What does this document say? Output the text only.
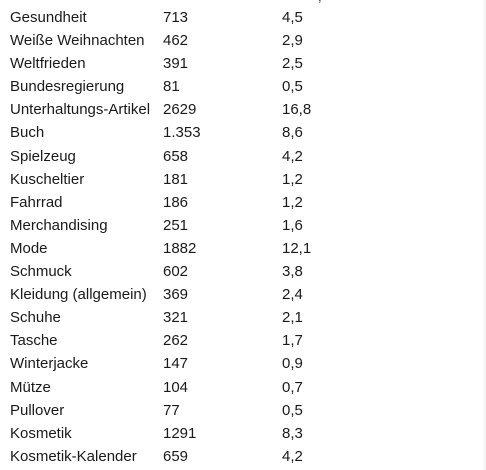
Gesundheit	713	4,5
Weiße Weihnachten 462	2,9
Weltfrieden	391	2,5
Bundesregierung	81	0,5
Unterhaltungs-Artikel 2629	16,8
Buch	1.353	8,6
Spielzeug	658	4,2
Kuscheltier	181	1,2
Fahrrad	186	1,2
Merchandising	251	1,6
Mode	1882	12,1
Schmuck	602	3,8
Kleidung (allgemein) 369	2,4
Schuhe	321	2,1
Tasche	262	1,7
Winterjacke	147	0,9
Mütze	104	0,7
Pullover	77	0,5
Kosmetik	1291	8,3
Kosmetik-Kalender 659	4,2
